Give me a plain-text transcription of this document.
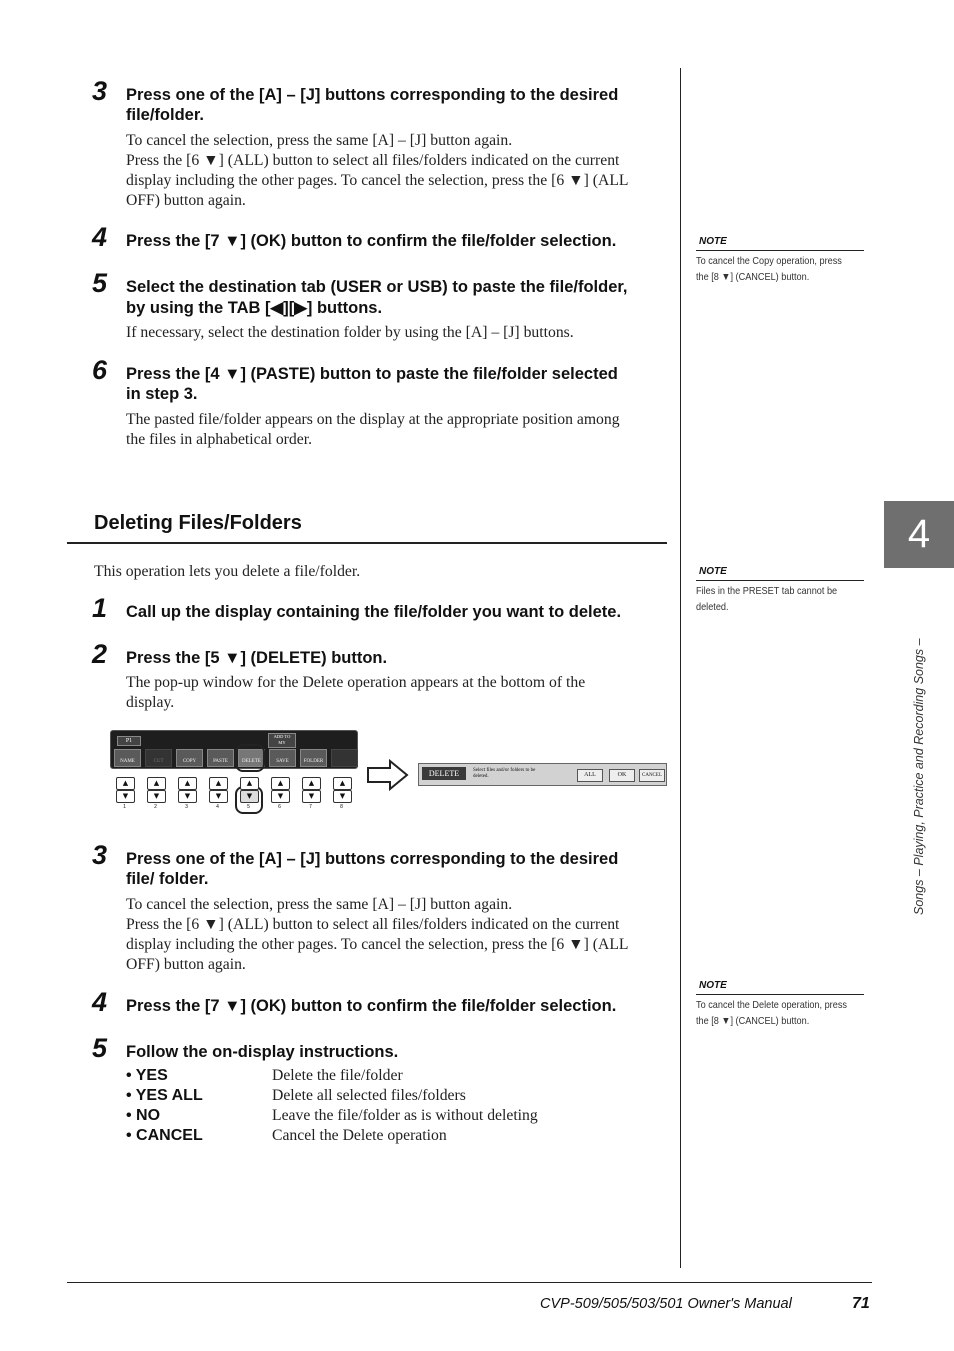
3 Press one of the [A] – [J] buttons corresponding to the desired
file/folder.
To cancel the selection, press the same [A] – [J] button again.
Press the [6 ▼] (ALL) button to select all files/folders indicated on the current
display including the other pages. To cancel the selection, press the [6 ▼] (ALL
OFF) button again.
4 Press the [7 ▼] (OK) button to confirm the file/folder selection.
5 Select the destination tab (USER or USB) to paste the file/folder,
by using the TAB [◀][▶] buttons.
If necessary, select the destination folder by using the [A] – [J] buttons.
6 Press the [4 ▼] (PASTE) button to paste the file/folder selected
in step 3.
The pasted file/folder appears on the display at the appropriate position among
the files in alphabetical order.
Deleting Files/Folders
This operation lets you delete a file/folder.
1 Call up the display containing the file/folder you want to delete.
2 Press the [5 ▼] (DELETE) button.
The pop-up window for the Delete operation appears at the bottom of the
display.
P1
ADD TO
MY
NAME	CUT	COPY	PASTE	DELETE	SAVE	FOLDER
▲
▼
1
▲
▼
2
▲
▼
3
▲
▼
4
▲
▼
5
▲
▼
6
▲
▼
7
▲
▼
8
DELETE	Select files and/or folders to be deleted.	ALL	OK	CANCEL
3 Press one of the [A] – [J] buttons corresponding to the desired
file/ folder.
To cancel the selection, press the same [A] – [J] button again.
Press the [6 ▼] (ALL) button to select all files/folders indicated on the current
display including the other pages. To cancel the selection, press the [6 ▼] (ALL
OFF) button again.
4 Press the [7 ▼] (OK) button to confirm the file/folder selection.
5 Follow the on-display instructions.
• YES	Delete the file/folder
• YES ALL	Delete all selected files/folders
• NO	Leave the file/folder as is without deleting
• CANCEL	Cancel the Delete operation
NOTE
To cancel the Copy operation, press the [8 ▼] (CANCEL) button.
NOTE
Files in the PRESET tab cannot be deleted.
NOTE
To cancel the Delete operation, press the [8 ▼] (CANCEL) button.
4
Songs – Playing, Practice and Recording Songs –
CVP-509/505/503/501 Owner's Manual	71
